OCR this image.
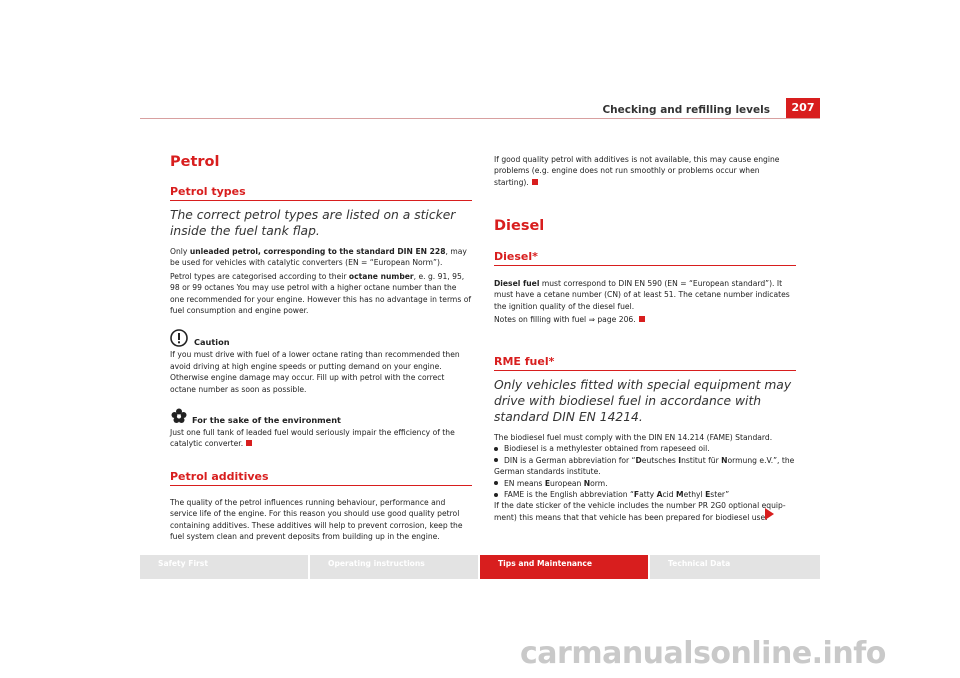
Checking and refilling levels	207
Petrol
Petrol types
The correct petrol types are listed on a sticker inside the fuel tank flap.

Only unleaded petrol, corresponding to the standard DIN EN 228, may be used for vehicles with catalytic converters (EN = “European Norm”).

Petrol types are categorised according to their octane number, e. g. 91, 95, 98 or 99 octanes You may use petrol with a higher octane number than the one recommended for your engine. However this has no advantage in terms of fuel consumption and engine power.

Caution

If you must drive with fuel of a lower octane rating than recommended then avoid driving at high engine speeds or putting demand on your engine. Otherwise engine damage may occur. Fill up with petrol with the correct octane number as soon as possible.

For the sake of the environment

Just one full tank of leaded fuel would seriously impair the efficiency of the catalytic converter.

Petrol additives

The quality of the petrol influences running behaviour, performance and service life of the engine. For this reason you should use good quality petrol containing additives. These additives will help to prevent corrosion, keep the fuel system clean and prevent deposits from building up in the engine.

If good quality petrol with additives is not available, this may cause engine problems (e.g. engine does not run smoothly or problems occur when starting).

Diesel
Diesel*

Diesel fuel must correspond to DIN EN 590 (EN = “European standard”). It must have a cetane number (CN) of at least 51. The cetane number indicates the ignition quality of the diesel fuel.

Notes on filling with fuel ⇒ page 206.

RME fuel*
Only vehicles fitted with special equipment may drive with biodiesel fuel in accordance with standard DIN EN 14214.

The biodiesel fuel must comply with the DIN EN 14.214 (FAME) Standard.

Biodiesel is a methylester obtained from rapeseed oil.
DIN is a German abbreviation for “Deutsches Institut für Normung e.V.”, the German standards institute.
EN means European Norm.
FAME is the English abbreviation “Fatty Acid Methyl Ester”

If the date sticker of the vehicle includes the number PR 2G0 optional equip-ment) this means that that vehicle has been prepared for biodiesel use.

Safety First	Operating instructions	Tips and Maintenance	Technical Data
carmanualsonline.info
